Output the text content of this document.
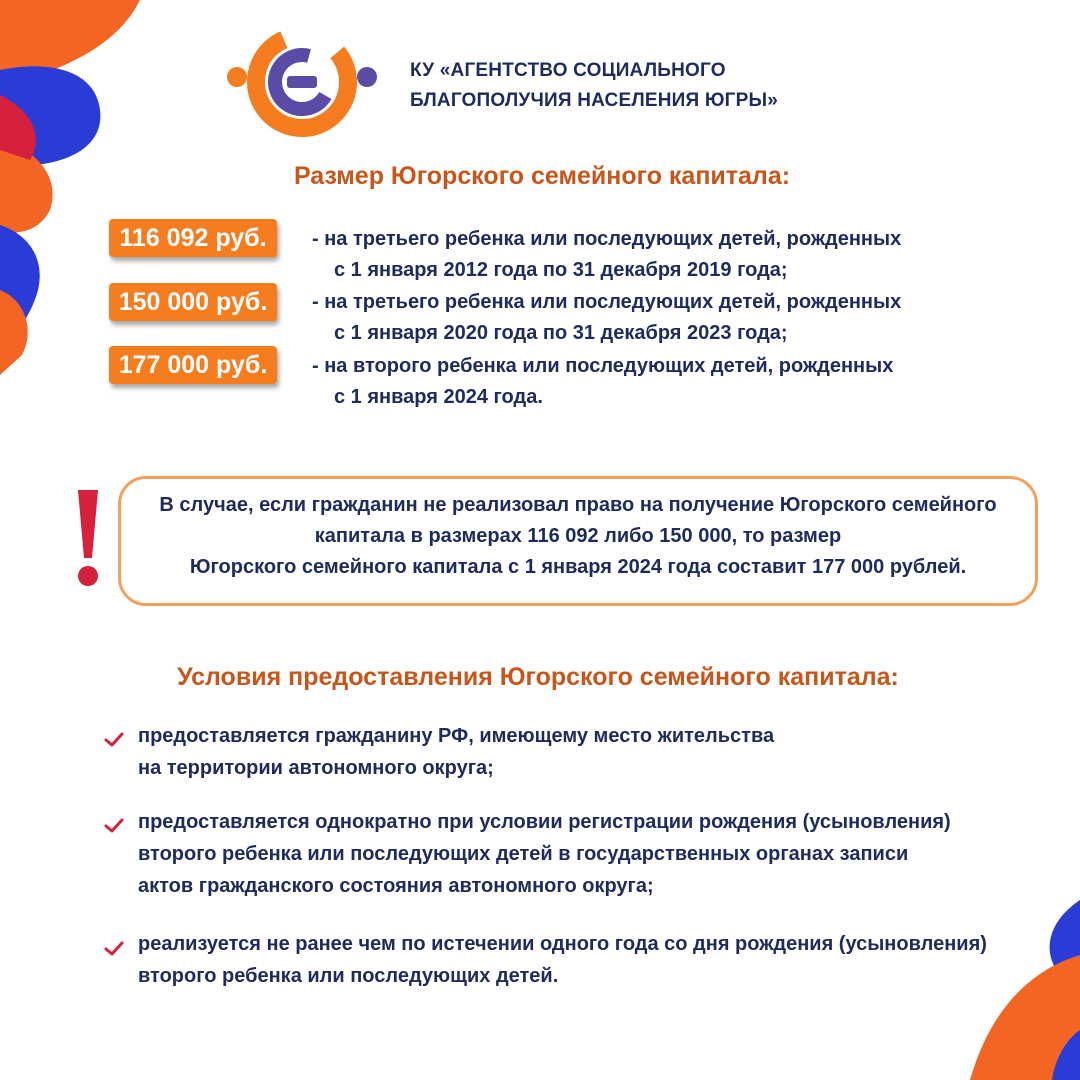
КУ «АГЕНТСТВО СОЦИАЛЬНОГО
БЛАГОПОЛУЧИЯ НАСЕЛЕНИЯ ЮГРЫ»
Размер Югорского семейного капитала:
116 092 руб.	- на третьего ребенка или последующих детей, рожденных
с 1 января 2012 года по 31 декабря 2019 года;
150 000 руб.	- на третьего ребенка или последующих детей, рожденных
с 1 января 2020 года по 31 декабря 2023 года;
177 000 руб.	- на второго ребенка или последующих детей, рожденных
с 1 января 2024 года.
В случае, если гражданин не реализовал право на получение Югорского семейного
капитала в размерах 116 092 либо 150 000, то размер
Югорского семейного капитала с 1 января 2024 года составит 177 000 рублей.
Условия предоставления Югорского семейного капитала:
предоставляется гражданину РФ, имеющему место жительства
на территории автономного округа;
предоставляется однократно при условии регистрации рождения (усыновления)
второго ребенка или последующих детей в государственных органах записи
актов гражданского состояния автономного округа;
реализуется не ранее чем по истечении одного года со дня рождения (усыновления)
второго ребенка или последующих детей.
